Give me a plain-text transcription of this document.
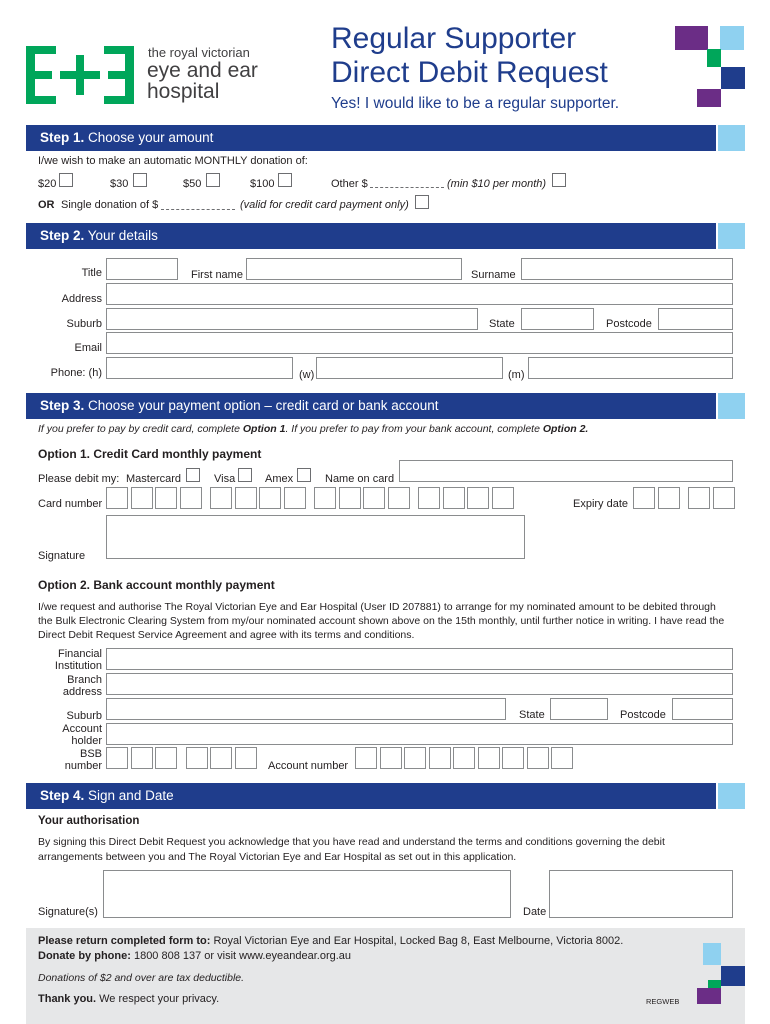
the royal victorian
eye and ear
hospital
Regular Supporter
Direct Debit Request
Yes! I would like to be a regular supporter.
Step 1. Choose your amount
I/we wish to make an automatic MONTHLY donation of:
$20	$30	$50	$100	Other $	(min $10 per month)
OR Single donation of $	(valid for credit card payment only)
Step 2. Your details
Title	First name	Surname
Address
Suburb	State	Postcode
Email
Phone: (h)	(w)	(m)
Step 3. Choose your payment option – credit card or bank account
If you prefer to pay by credit card, complete Option 1. If you prefer to pay from your bank account, complete Option 2.
Option 1. Credit Card monthly payment
Please debit my: Mastercard	Visa	Amex	Name on card
Card number	Expiry date
Signature
Option 2. Bank account monthly payment
I/we request and authorise The Royal Victorian Eye and Ear Hospital (User ID 207881) to arrange for my nominated amount to be debited through the Bulk Electronic Clearing System from my/our nominated account shown above on the 15th monthly, until further notice in writing. I have read the Direct Debit Request Service Agreement and agree with its terms and conditions.
Financial
Institution
Branch
address
Suburb	State	Postcode
Account
holder
BSB
number	Account number
Step 4. Sign and Date
Your authorisation
By signing this Direct Debit Request you acknowledge that you have read and understand the terms and conditions governing the debit arrangements between you and The Royal Victorian Eye and Ear Hospital as set out in this application.
Signature(s)	Date
Please return completed form to: Royal Victorian Eye and Ear Hospital, Locked Bag 8, East Melbourne, Victoria 8002.
Donate by phone: 1800 808 137 or visit www.eyeandear.org.au
Donations of $2 and over are tax deductible.
Thank you. We respect your privacy.	REGWEB
